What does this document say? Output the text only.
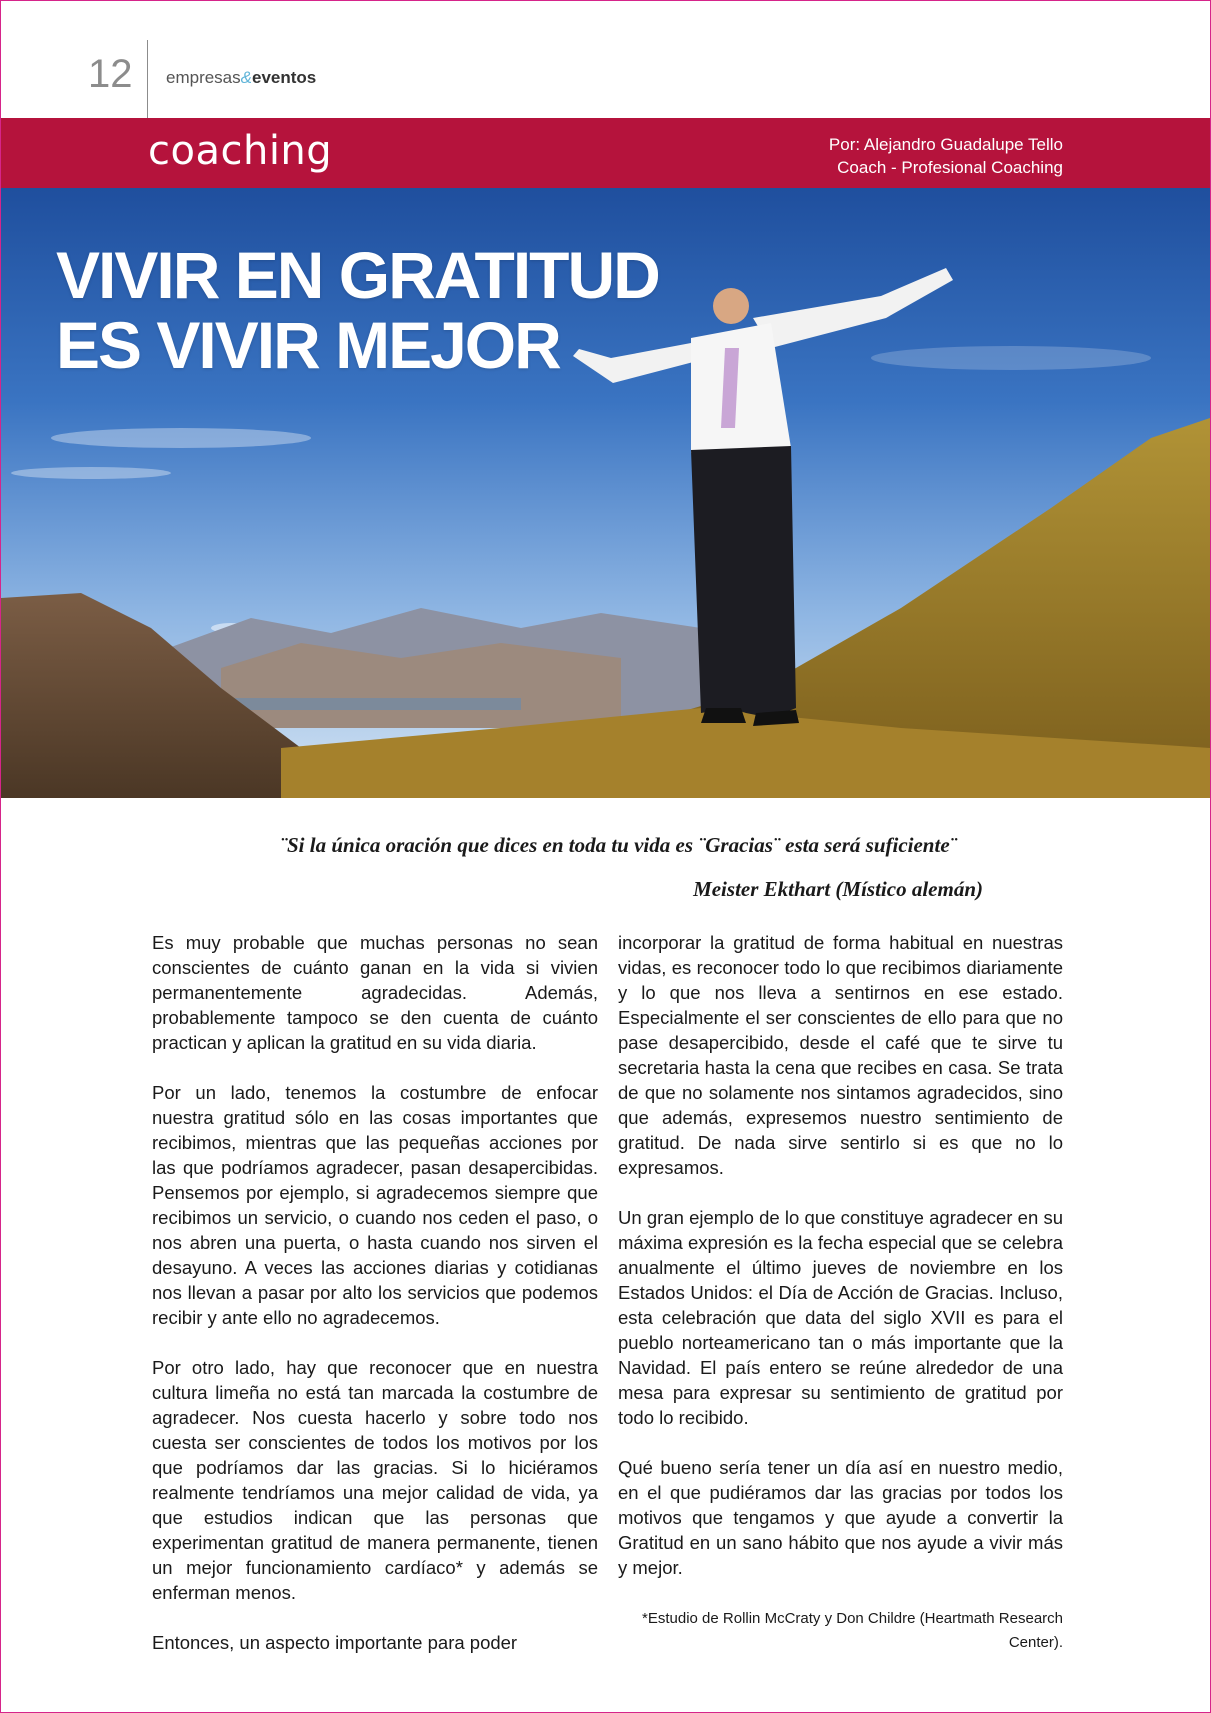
12 empresas&eventos
coaching	Por: Alejandro Guadalupe Tello
Coach - Profesional Coaching
VIVIR EN GRATITUD
ES VIVIR MEJOR
¨Si la única oración que dices en toda tu vida es ¨Gracias¨ esta será suficiente¨
Meister Ekthart (Místico alemán)

Es muy probable que muchas personas no sean conscientes de cuánto ganan en la vida si vivien permanentemente agradecidas. Además, probablemente tampoco se den cuenta de cuánto practican y aplican la gratitud en su vida diaria.

Por un lado, tenemos la costumbre de enfocar nuestra gratitud sólo en las cosas importantes que recibimos, mientras que las pequeñas acciones por las que podríamos agradecer, pasan desapercibidas. Pensemos por ejemplo, si agradecemos siempre que recibimos un servicio, o cuando nos ceden el paso, o nos abren una puerta, o hasta cuando nos sirven el desayuno. A veces las acciones diarias y cotidianas nos llevan a pasar por alto los servicios que podemos recibir y ante ello no agradecemos.

Por otro lado, hay que reconocer que en nuestra cultura limeña no está tan marcada la costumbre de agradecer. Nos cuesta hacerlo y sobre todo nos cuesta ser conscientes de todos los motivos por los que podríamos dar las gracias. Si lo hiciéramos realmente tendríamos una mejor calidad de vida, ya que estudios indican que las personas que experimentan gratitud de manera permanente, tienen un mejor funcionamiento cardíaco* y además se enferman menos.

Entonces, un aspecto importante para poder

incorporar la gratitud de forma habitual en nuestras vidas, es reconocer todo lo que recibimos diariamente y lo que nos lleva a sentirnos en ese estado. Especialmente el ser conscientes de ello para que no pase desapercibido, desde el café que te sirve tu secretaria hasta la cena que recibes en casa. Se trata de que no solamente nos sintamos agradecidos, sino que además, expresemos nuestro sentimiento de gratitud. De nada sirve sentirlo si es que no lo expresamos.

Un gran ejemplo de lo que constituye agradecer en su máxima expresión es la fecha especial que se celebra anualmente el último jueves de noviembre en los Estados Unidos: el Día de Acción de Gracias. Incluso, esta celebración que data del siglo XVII es para el pueblo norteamericano tan o más importante que la Navidad. El país entero se reúne alrededor de una mesa para expresar su sentimiento de gratitud por todo lo recibido.

Qué bueno sería tener un día así en nuestro medio, en el que pudiéramos dar las gracias por todos los motivos que tengamos y que ayude a convertir la Gratitud en un sano hábito que nos ayude a vivir más y mejor.

*Estudio de Rollin McCraty y Don Childre (Heartmath Research
Center).
